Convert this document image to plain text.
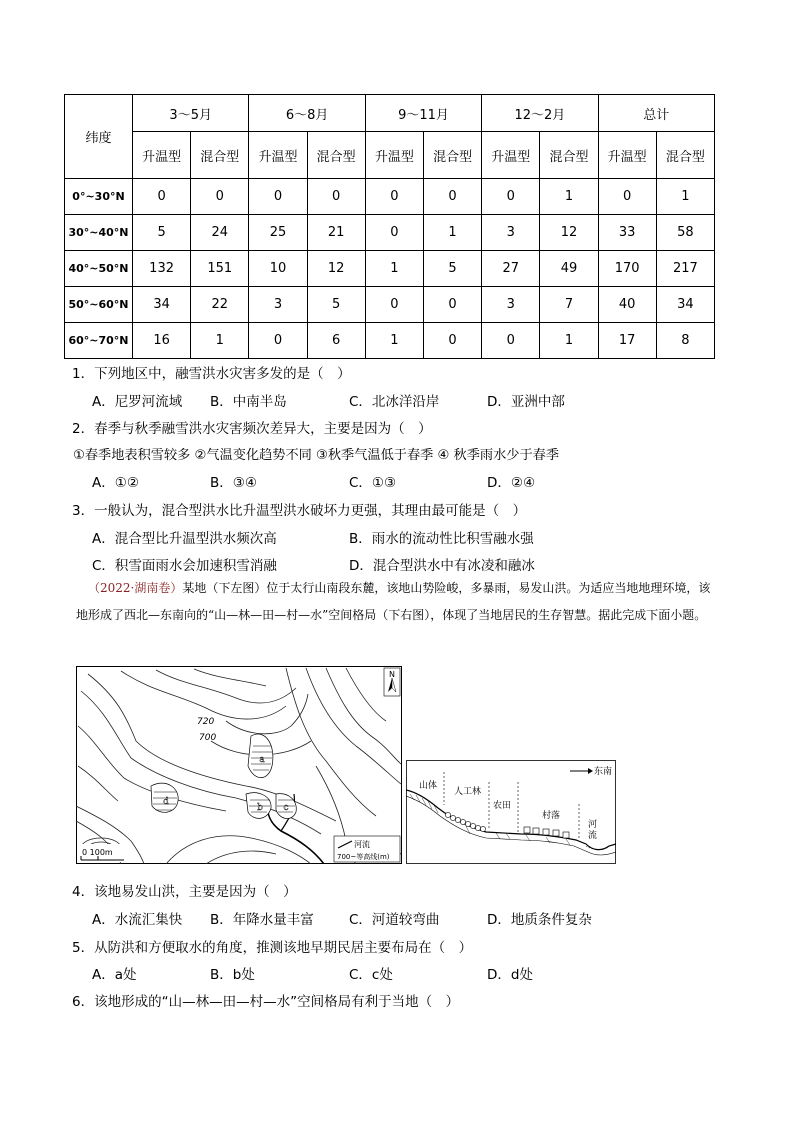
纬度	3～5月		6～8月		9～11月		12～2月		总计	
	升温型	混合型	升温型	混合型	升温型	混合型	升温型	混合型	升温型	混合型
0°~30°N	0	0	0	0	0	0	0	1	0	1
30°~40°N	5	24	25	21	0	1	3	12	33	58
40°~50°N	132	151	10	12	1	5	27	49	170	217
50°~60°N	34	22	3	5	0	0	3	7	40	34
60°~70°N	16	1	0	6	1	0	0	1	17	8
1．下列地区中，融雪洪水灾害多发的是（　）
A．尼罗河流域 B．中南半岛	C．北冰洋沿岸	D．亚洲中部
2．春季与秋季融雪洪水灾害频次差异大，主要是因为（　）
①春季地表积雪较多 ②气温变化趋势不同 ③秋季气温低于春季 ④ 秋季雨水少于春季
A．①②	B．③④	C．①③	D．②④
3．一般认为，混合型洪水比升温型洪水破坏力更强，其理由最可能是（　）
A．混合型比升温型洪水频次高	B．雨水的流动性比积雪融水强
C．积雪面雨水会加速积雪消融	D．混合型洪水中有冰凌和融冰
（2022·湖南卷）某地（下左图）位于太行山南段东麓，该地山势险峻，多暴雨，易发山洪。为适应当地地理环境，该地形成了西北—东南向的“山—林—田—村—水”空间格局（下右图），体现了当地居民的生存智慧。据此完成下面小题。
a
d
b c
720
700
N
0 100m
河流
700~等高线(m)
山体
人工林
农田
村落
河
流
东南
4．该地易发山洪，主要是因为（　）
A．水流汇集快 B．年降水量丰富	C．河道较弯曲	D．地质条件复杂
5．从防洪和方便取水的角度，推测该地早期民居主要布局在（　）
A．a处	B．b处	C．c处	D．d处
6．该地形成的“山—林—田—村—水”空间格局有利于当地（　）
